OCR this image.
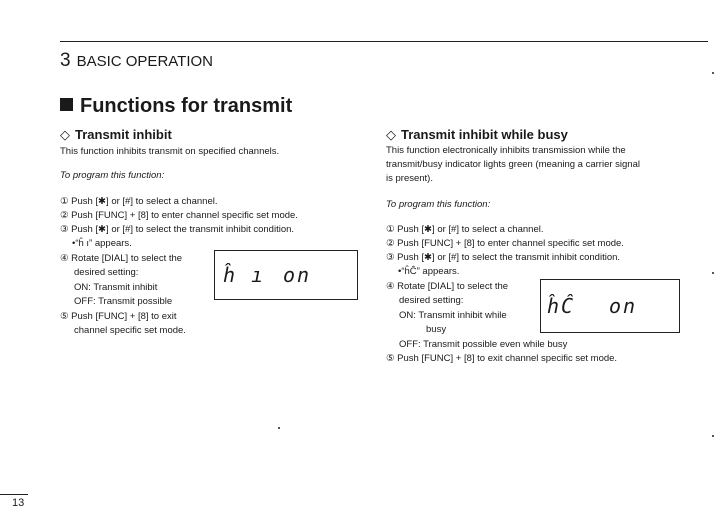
3 BASIC OPERATION
Functions for transmit
◇ Transmit inhibit
This function inhibits transmit on specified channels.
To program this function:
① Push [✱] or [#] to select a channel.
② Push [FUNC] + [8] to enter channel specific set mode.
③ Push [✱] or [#] to select the transmit inhibit condition.
•“ĥ ı” appears.
④ Rotate [DIAL] to select the
desired setting:
ON: Transmit inhibit
OFF: Transmit possible
⑤ Push [FUNC] + [8] to exit
channel specific set mode.
ĥ ı on
◇ Transmit inhibit while busy
This function electronically inhibits transmission while the
transmit/busy indicator lights green (meaning a carrier signal
is present).
To program this function:
① Push [✱] or [#] to select a channel.
② Push [FUNC] + [8] to enter channel specific set mode.
③ Push [✱] or [#] to select the transmit inhibit condition.
•“ĥĈ” appears.
④ Rotate [DIAL] to select the
desired setting:
ON: Transmit inhibit while
busy
OFF: Transmit possible even while busy
⑤ Push [FUNC] + [8] to exit channel specific set mode.
ĥĈ on
13
